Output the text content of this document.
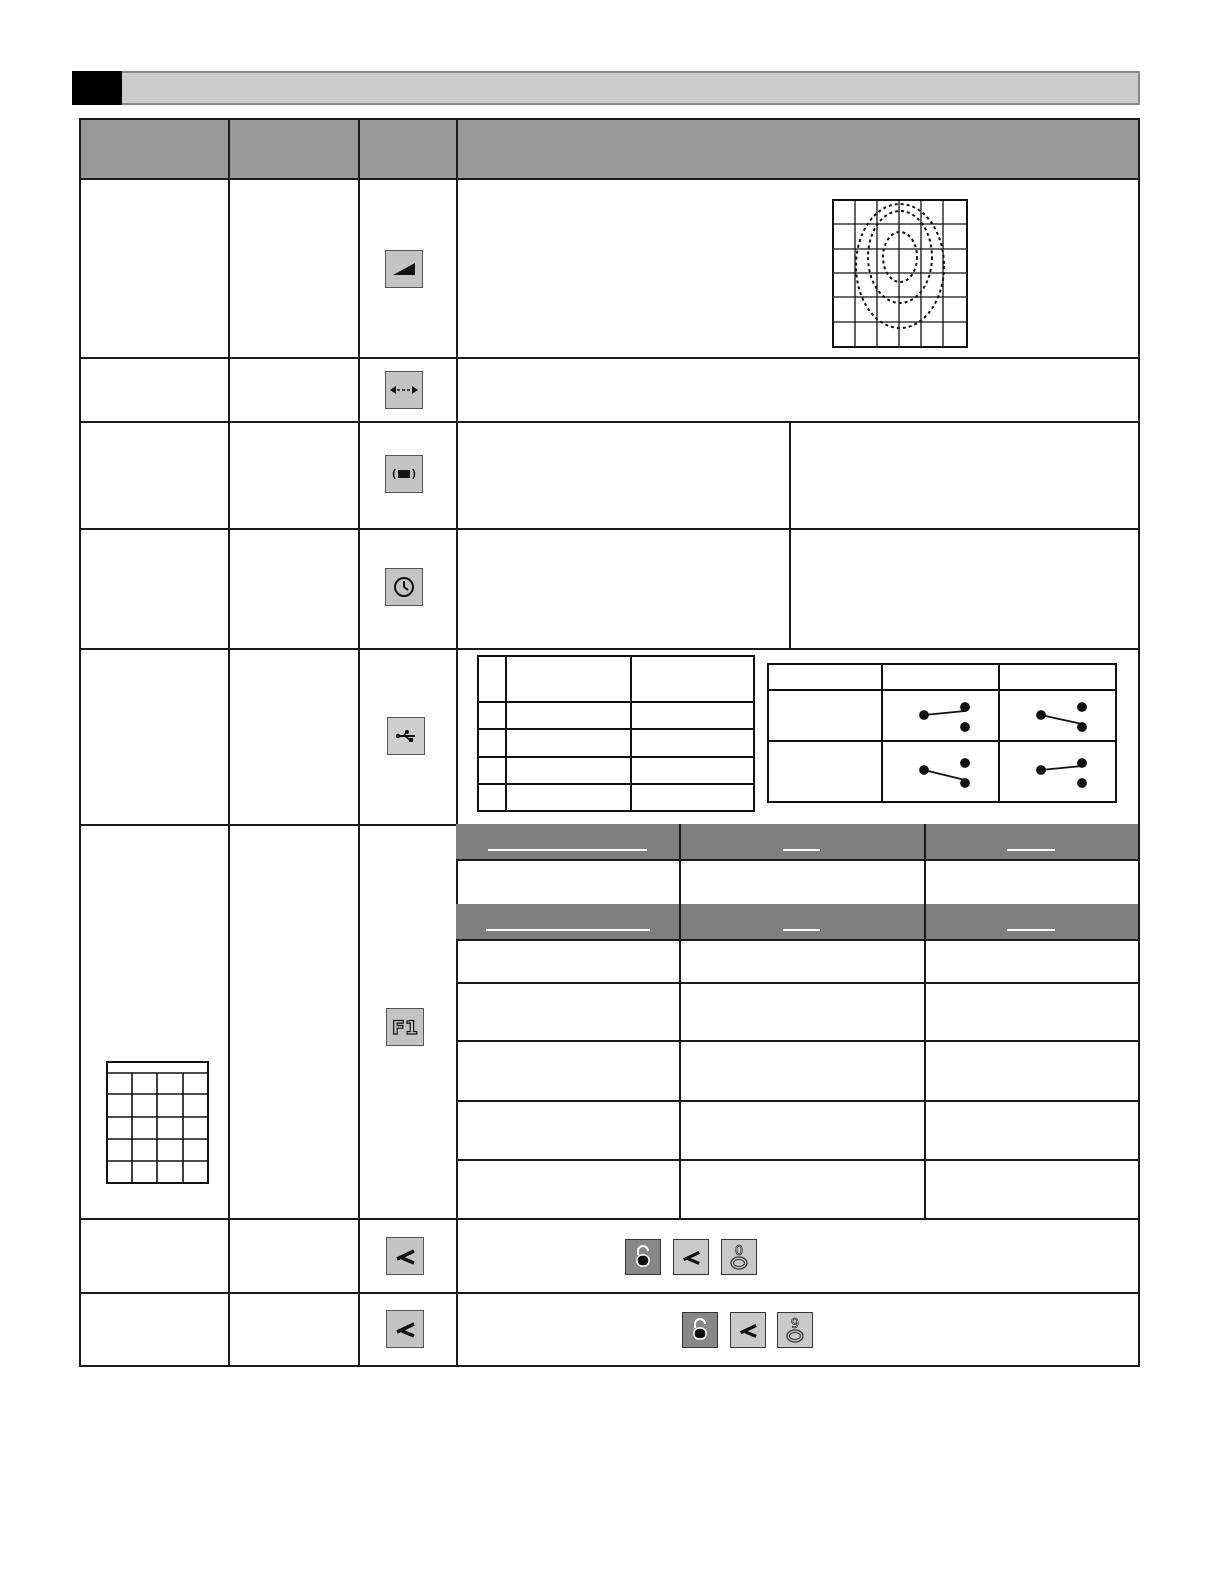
F1
0
9
